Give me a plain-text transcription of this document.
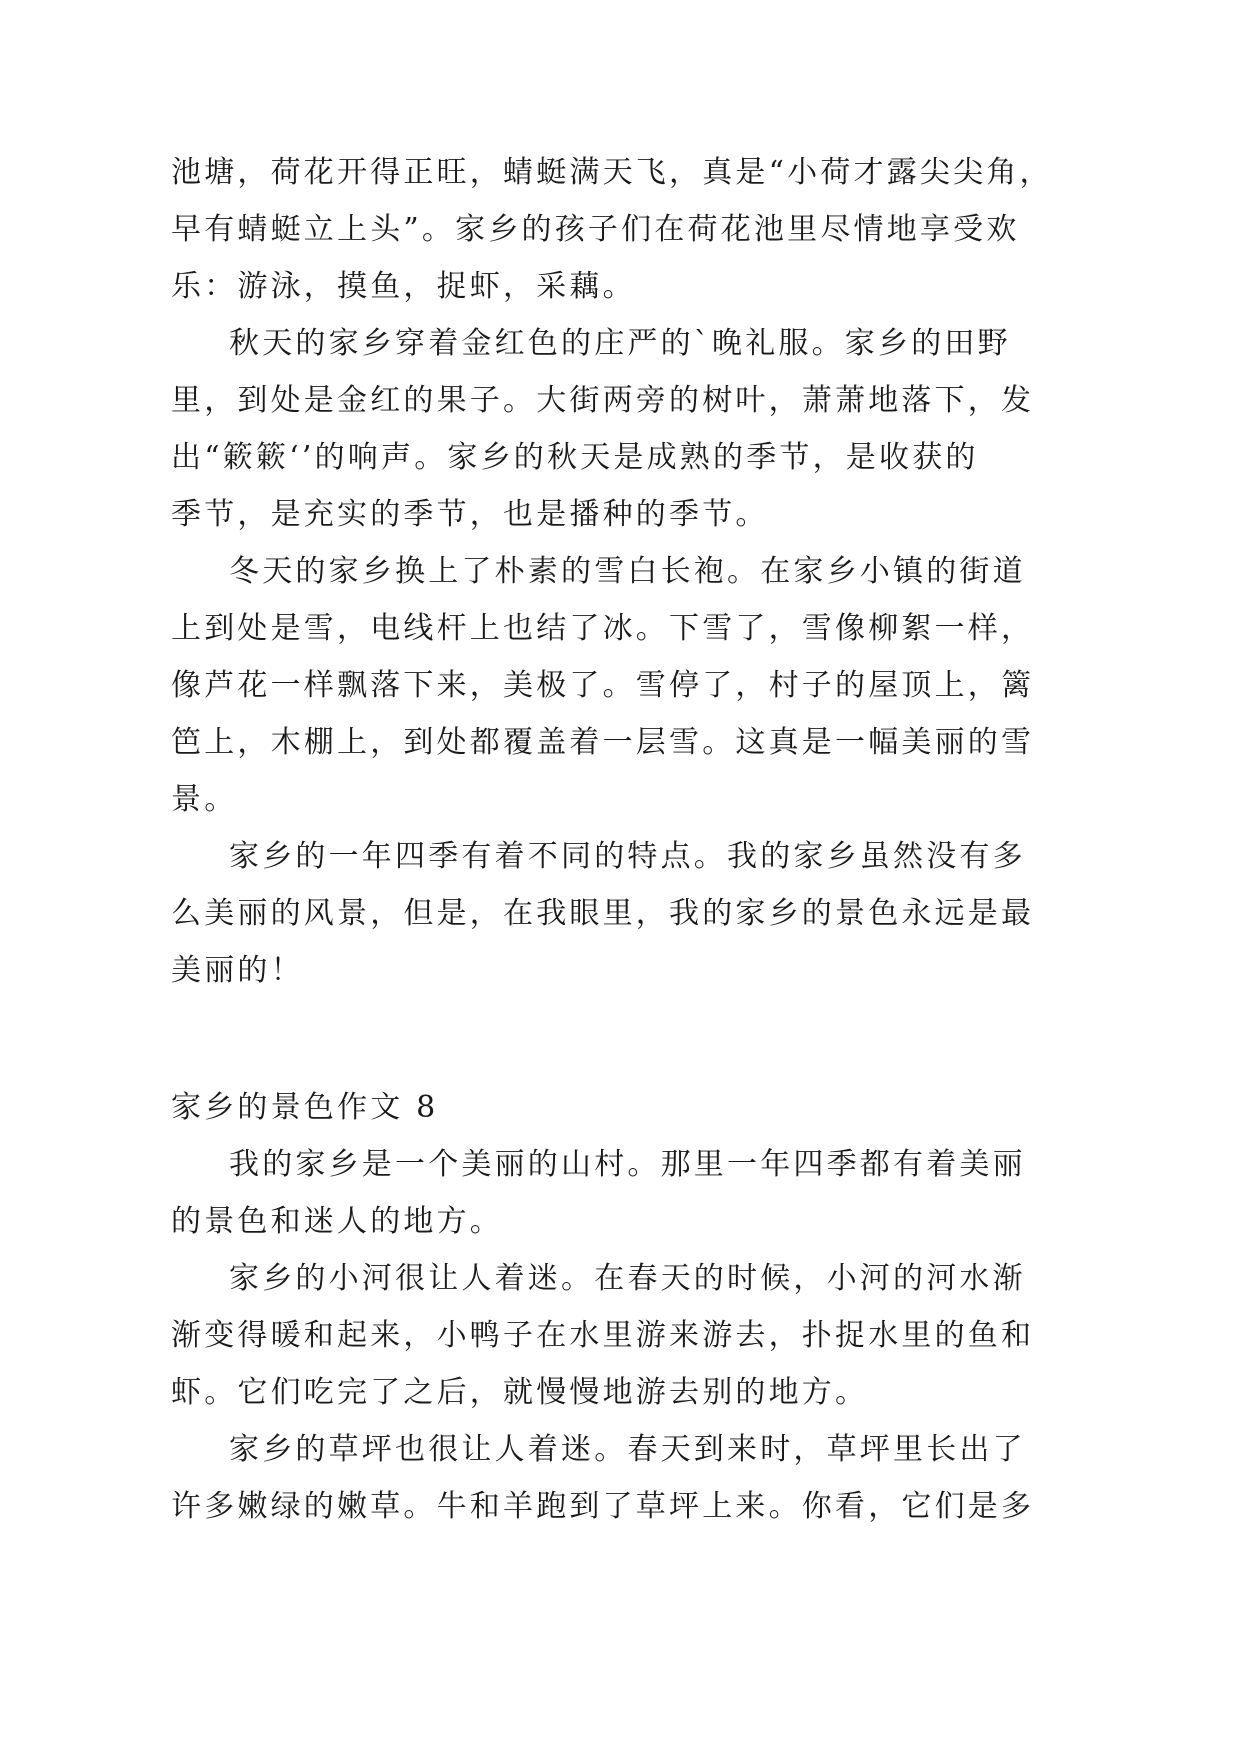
池塘，荷花开得正旺，蜻蜓满天飞，真是“小荷才露尖尖角，

早有蜻蜓立上头”。家乡的孩子们在荷花池里尽情地享受欢

乐：游泳，摸鱼，捉虾，采藕。

秋天的家乡穿着金红色的庄严的`晚礼服。家乡的田野

里，到处是金红的果子。大街两旁的树叶，萧萧地落下，发

出“簌簌‘’的响声。家乡的秋天是成熟的季节，是收获的

季节，是充实的季节，也是播种的季节。

冬天的家乡换上了朴素的雪白长袍。在家乡小镇的街道

上到处是雪，电线杆上也结了冰。下雪了，雪像柳絮一样，

像芦花一样飘落下来，美极了。雪停了，村子的屋顶上，篱

笆上，木棚上，到处都覆盖着一层雪。这真是一幅美丽的雪

景。

家乡的一年四季有着不同的特点。我的家乡虽然没有多

么美丽的风景，但是，在我眼里，我的家乡的景色永远是最

美丽的！

家乡的景色作文 8

我的家乡是一个美丽的山村。那里一年四季都有着美丽

的景色和迷人的地方。

家乡的小河很让人着迷。在春天的时候，小河的河水渐

渐变得暖和起来，小鸭子在水里游来游去，扑捉水里的鱼和

虾。它们吃完了之后，就慢慢地游去别的地方。

家乡的草坪也很让人着迷。春天到来时，草坪里长出了

许多嫩绿的嫩草。牛和羊跑到了草坪上来。你看，它们是多
